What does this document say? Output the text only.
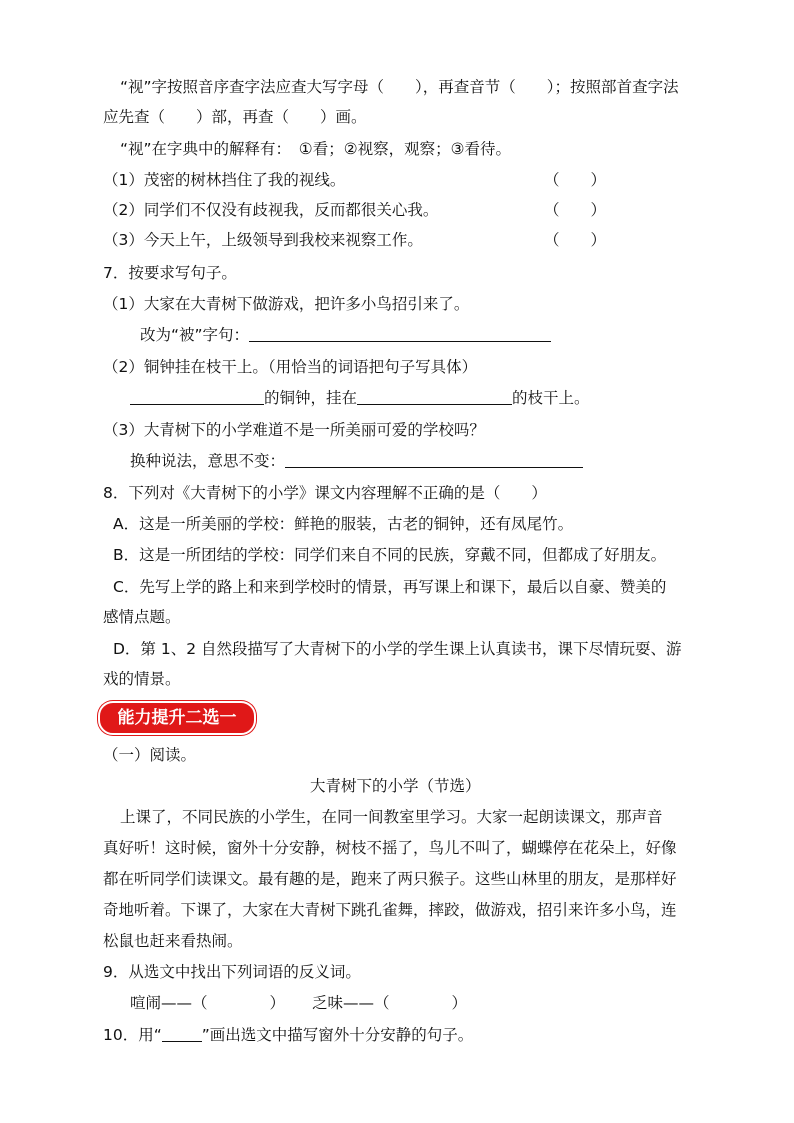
“视”字按照音序查字法应查大写字母（　　），再查音节（　　）；按照部首查字法
应先查（　　）部，再查（　　）画。
“视”在字典中的解释有：　①看；②视察，观察；③看待。
（1）茂密的树林挡住了我的视线。	（　　）
（2）同学们不仅没有歧视我，反而都很关心我。	（　　）
（3）今天上午，上级领导到我校来视察工作。	（　　）
7．按要求写句子。
（1）大家在大青树下做游戏，把许多小鸟招引来了。
改为“被”字句：
（2）铜钟挂在枝干上。（用恰当的词语把句子写具体）
的铜钟，挂在	的枝干上。
（3）大青树下的小学难道不是一所美丽可爱的学校吗？
换种说法，意思不变：
8．下列对《大青树下的小学》课文内容理解不正确的是（　　）
A．这是一所美丽的学校：鲜艳的服装，古老的铜钟，还有凤尾竹。
B．这是一所团结的学校：同学们来自不同的民族，穿戴不同，但都成了好朋友。
C．先写上学的路上和来到学校时的情景，再写课上和课下，最后以自豪、赞美的
感情点题。
D．第 1、2 自然段描写了大青树下的小学的学生课上认真读书，课下尽情玩耍、游
戏的情景。
能力提升二选一
（一）阅读。
大青树下的小学（节选）
上课了，不同民族的小学生，在同一间教室里学习。大家一起朗读课文，那声音
真好听！这时候，窗外十分安静，树枝不摇了，鸟儿不叫了，蝴蝶停在花朵上，好像
都在听同学们读课文。最有趣的是，跑来了两只猴子。这些山林里的朋友，是那样好
奇地听着。下课了，大家在大青树下跳孔雀舞，摔跤，做游戏，招引来许多小鸟，连
松鼠也赶来看热闹。
9．从选文中找出下列词语的反义词。
喧闹——（　　　　） 乏味——（　　　　）
10．用“	”画出选文中描写窗外十分安静的句子。
